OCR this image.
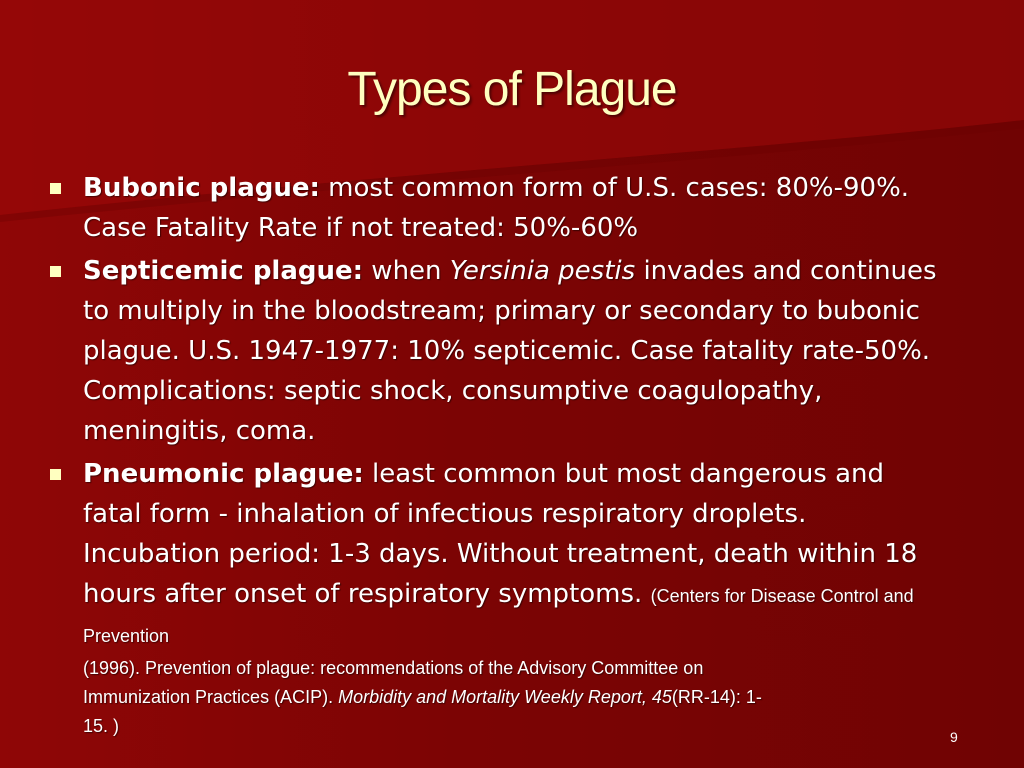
Types of Plague
Bubonic plague: most common form of U.S. cases: 80%-90%. Case Fatality Rate if not treated: 50%-60%
Septicemic plague: when Yersinia pestis invades and continues to multiply in the bloodstream; primary or secondary to bubonic plague. U.S. 1947-1977: 10% septicemic. Case fatality rate-50%. Complications: septic shock, consumptive coagulopathy, meningitis, coma.
Pneumonic plague: least common but most dangerous and fatal form - inhalation of infectious respiratory droplets. Incubation period: 1-3 days. Without treatment, death within 18 hours after onset of respiratory symptoms. (Centers for Disease Control and Prevention
(1996). Prevention of plague: recommendations of the Advisory Committee on
Immunization Practices (ACIP). Morbidity and Mortality Weekly Report, 45(RR-14): 1-
15. )
9
